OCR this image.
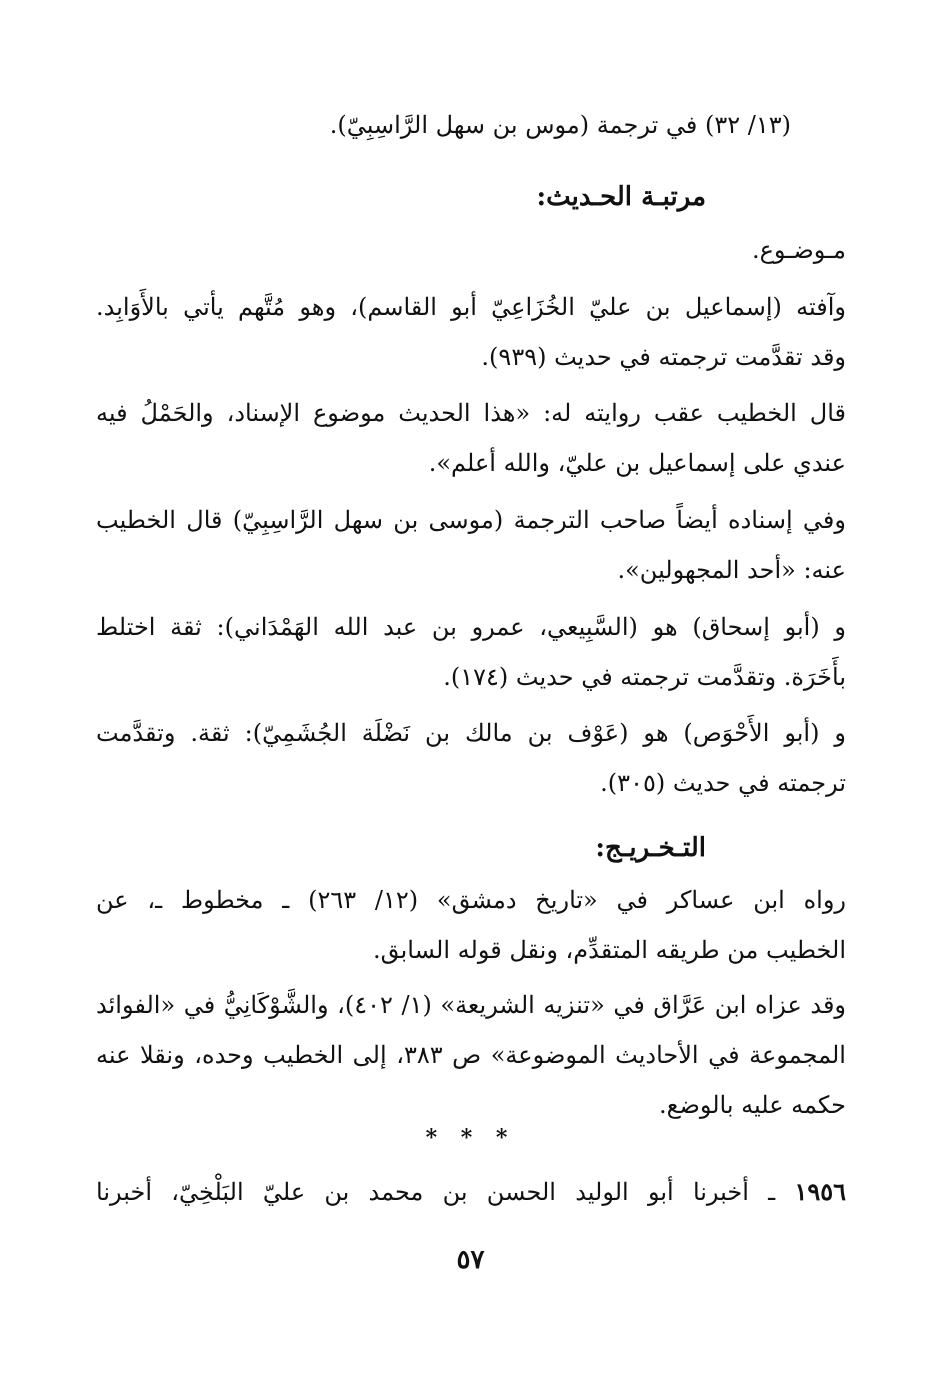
(١٣/ ٣٢) في ترجمة (موس بن سهل الرَّاسِبِيّ).
مرتبـة الحـديث:
مـوضـوع.
وآفته (إسماعيل بن عليّ الخُزَاعِيّ أبو القاسم)، وهو مُتَّهم يأتي بالأَوَابِد.
وقد تقدَّمت ترجمته في حديث (٩٣٩).
قال الخطيب عقب روايته له: «هذا الحديث موضوع الإسناد، والحَمْلُ فيه
عندي على إسماعيل بن عليّ، والله أعلم».
وفي إسناده أيضاً صاحب الترجمة (موسى بن سهل الرَّاسِبِيّ) قال الخطيب
عنه: «أحد المجهولين».
و (أبو إسحاق) هو (السَّبِيعي، عمرو بن عبد الله الهَمْدَاني): ثقة اختلط
بأَخَرَة. وتقدَّمت ترجمته في حديث (١٧٤).
و (أبو الأَحْوَص) هو (عَوْف بن مالك بن نَضْلَة الجُشَمِيّ): ثقة. وتقدَّمت
ترجمته في حديث (٣٠٥).
التـخـريـج:
رواه ابن عساكر في «تاريخ دمشق» (١٢/ ٢٦٣) ـ مخطوط ـ، عن
الخطيب من طريقه المتقدِّم، ونقل قوله السابق.
وقد عزاه ابن عَرَّاق في «تنزيه الشريعة» (١/ ٤٠٢)، والشَّوْكَانِيُّ في «الفوائد
المجموعة في الأحاديث الموضوعة» ص ٣٨٣، إلى الخطيب وحده، ونقلا عنه
حكمه عليه بالوضع.
* * *
١٩٥٦ ـ أخبرنا أبو الوليد الحسن بن محمد بن عليّ البَلْخِيّ، أخبرنا
٥٧
